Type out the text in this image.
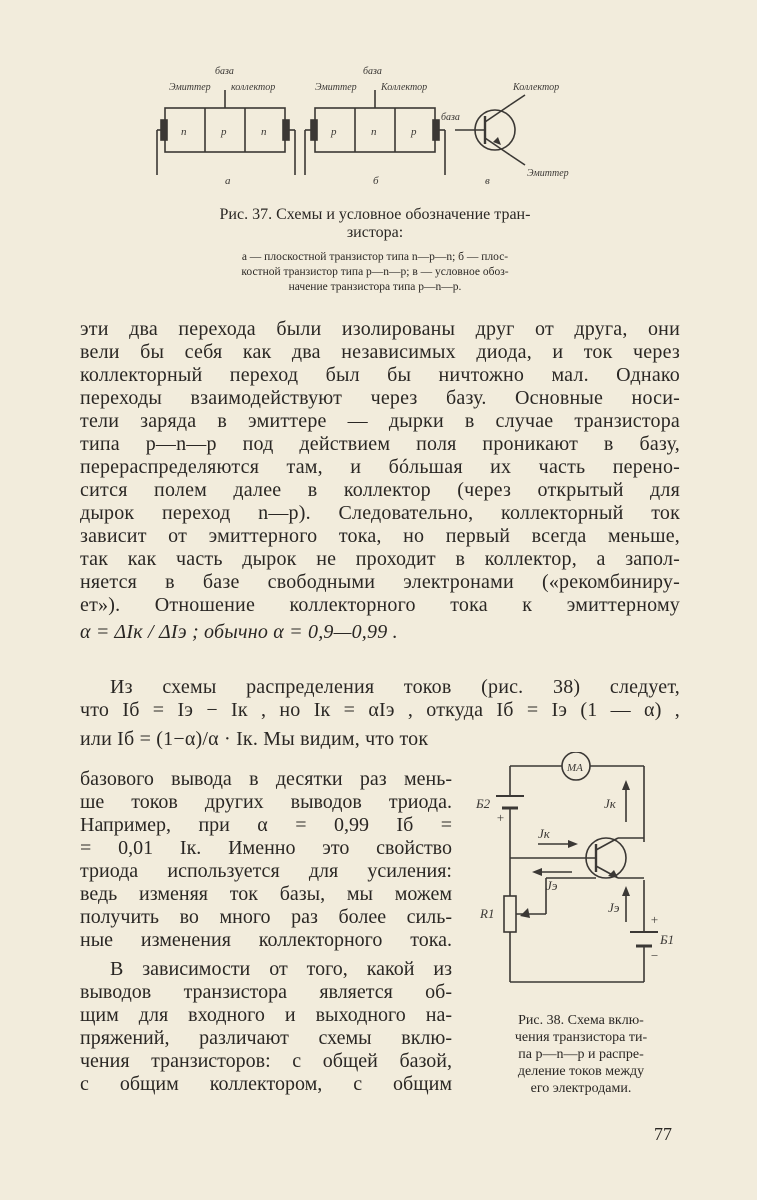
база
Эмиттер коллектор
база
Эмиттер Коллектор
база
Коллектор
Эмиттер
n	p	n	p	n	p
а	б	в
Рис. 37. Схемы и условное обозначение тран-
зистора:
а — плоскостной транзистор типа n—p—n; б — плос-
костной транзистор типа p—n—p; в — условное обоз-
начение транзистора типа p—n—p.
эти два перехода были изолированы друг от друга, они
вели бы себя как два независимых диода, и ток через
коллекторный переход был бы ничтожно мал. Однако
переходы взаимодействуют через базу. Основные носи-
тели заряда в эмиттере — дырки в случае транзистора
типа p—n—p под действием поля проникают в базу,
перераспределяются там, и бóльшая их часть перено-
сится полем далее в коллектор (через открытый для
дырок переход n—p). Следовательно, коллекторный ток
зависит от эмиттерного тока, но первый всегда меньше,
так как часть дырок не проходит в коллектор, а запол-
няется в базе свободными электронами («рекомбиниру-
ет»). Отношение коллекторного тока к эмиттерному
α = ΔIк / ΔIэ ; обычно α = 0,9—0,99 .
Из схемы распределения токов (рис. 38) следует,
что Iб = Iэ − Iк , но Iк = αIэ , откуда Iб = Iэ (1 — α) ,
или Iб = (1−α)/α · Iк. Мы видим, что ток
базового вывода в десятки раз мень-
ше токов других выводов триода.
Например, при α = 0,99 Iб =
= 0,01 Iк. Именно это свойство
триода используется для усиления:
ведь изменяя ток базы, мы можем
получить во много раз более силь-
ные изменения коллекторного тока.
В зависимости от того, какой из
выводов транзистора является об-
щим для входного и выходного на-
пряжений, различают схемы вклю-
чения транзисторов: с общей базой,
с общим коллектором, с общим
МА
Б2
+
Б1
+
−
R1
Jк
Jк
Jэ
Jэ
Рис. 38. Схема вклю-
чения транзистора ти-
па p—n—p и распре-
деление токов между
его электродами.
77
